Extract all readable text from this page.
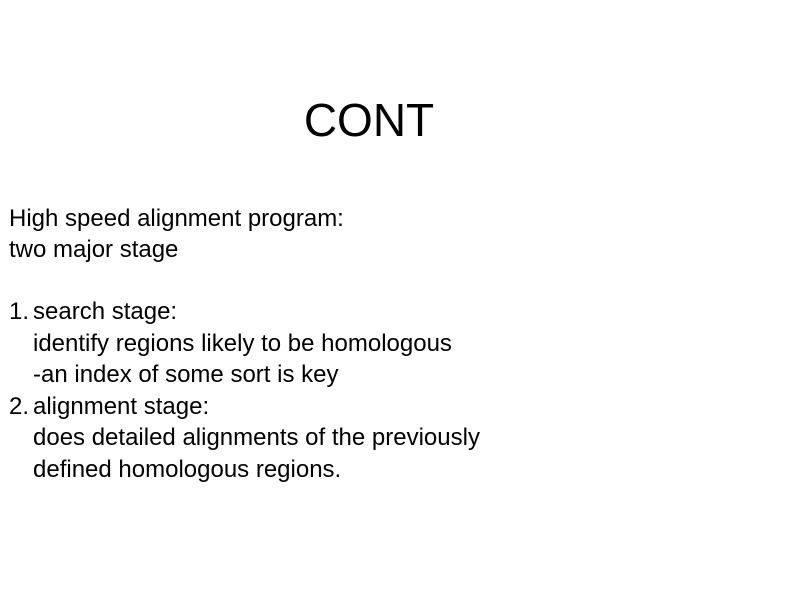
CONT
High speed alignment program:
two major stage
1. search stage:
identify regions likely to be homologous
-an index of some sort is key
2. alignment stage:
does detailed alignments of the previously
defined homologous regions.
